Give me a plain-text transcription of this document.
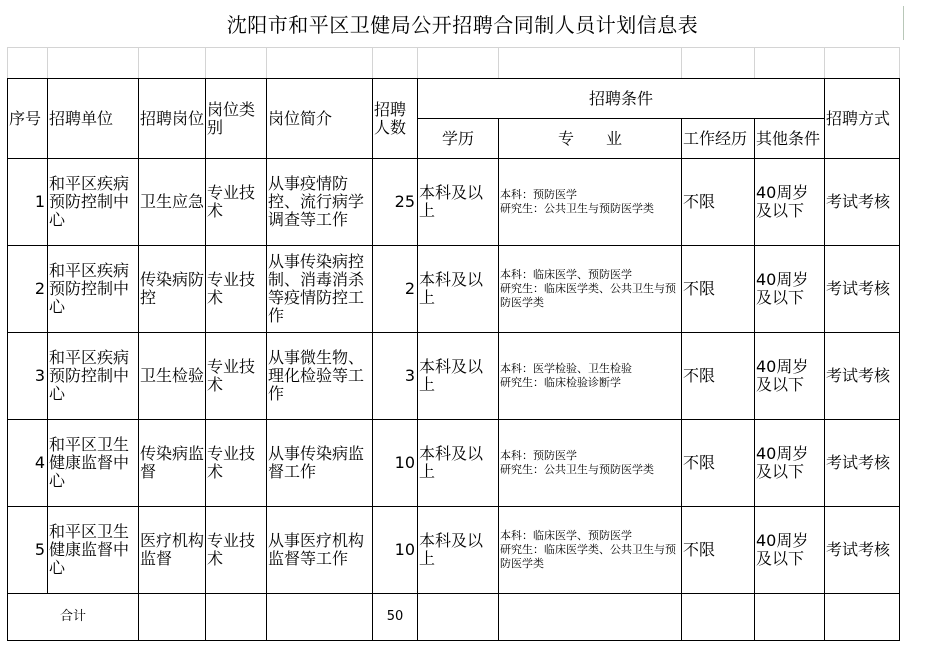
沈阳市和平区卫健局公开招聘合同制人员计划信息表

序号	招聘单位	招聘岗位	岗位类别	岗位简介	招聘人数	招聘条件				招聘方式
						学历	专　　业	工作经历	其他条件	
1	和平区疾病预防控制中心	卫生应急	专业技术	从事疫情防控、流行病学调查等工作	25	本科及以上	本科：预防医学
研究生：公共卫生与预防医学类	不限	40周岁及以下	考试考核
2	和平区疾病预防控制中心	传染病防控	专业技术	从事传染病控制、消毒消杀等疫情防控工作	2	本科及以上	本科：临床医学、预防医学
研究生：临床医学类、公共卫生与预防医学类	不限	40周岁及以下	考试考核
3	和平区疾病预防控制中心	卫生检验	专业技术	从事微生物、理化检验等工作	3	本科及以上	本科：医学检验、卫生检验
研究生：临床检验诊断学	不限	40周岁及以下	考试考核
4	和平区卫生健康监督中心	传染病监督	专业技术	从事传染病监督工作	10	本科及以上	本科：预防医学
研究生：公共卫生与预防医学类	不限	40周岁及以下	考试考核
5	和平区卫生健康监督中心	医疗机构监督	专业技术	从事医疗机构监督等工作	10	本科及以上	本科：临床医学、预防医学
研究生：临床医学类、公共卫生与预防医学类	不限	40周岁及以下	考试考核
合计					50					
